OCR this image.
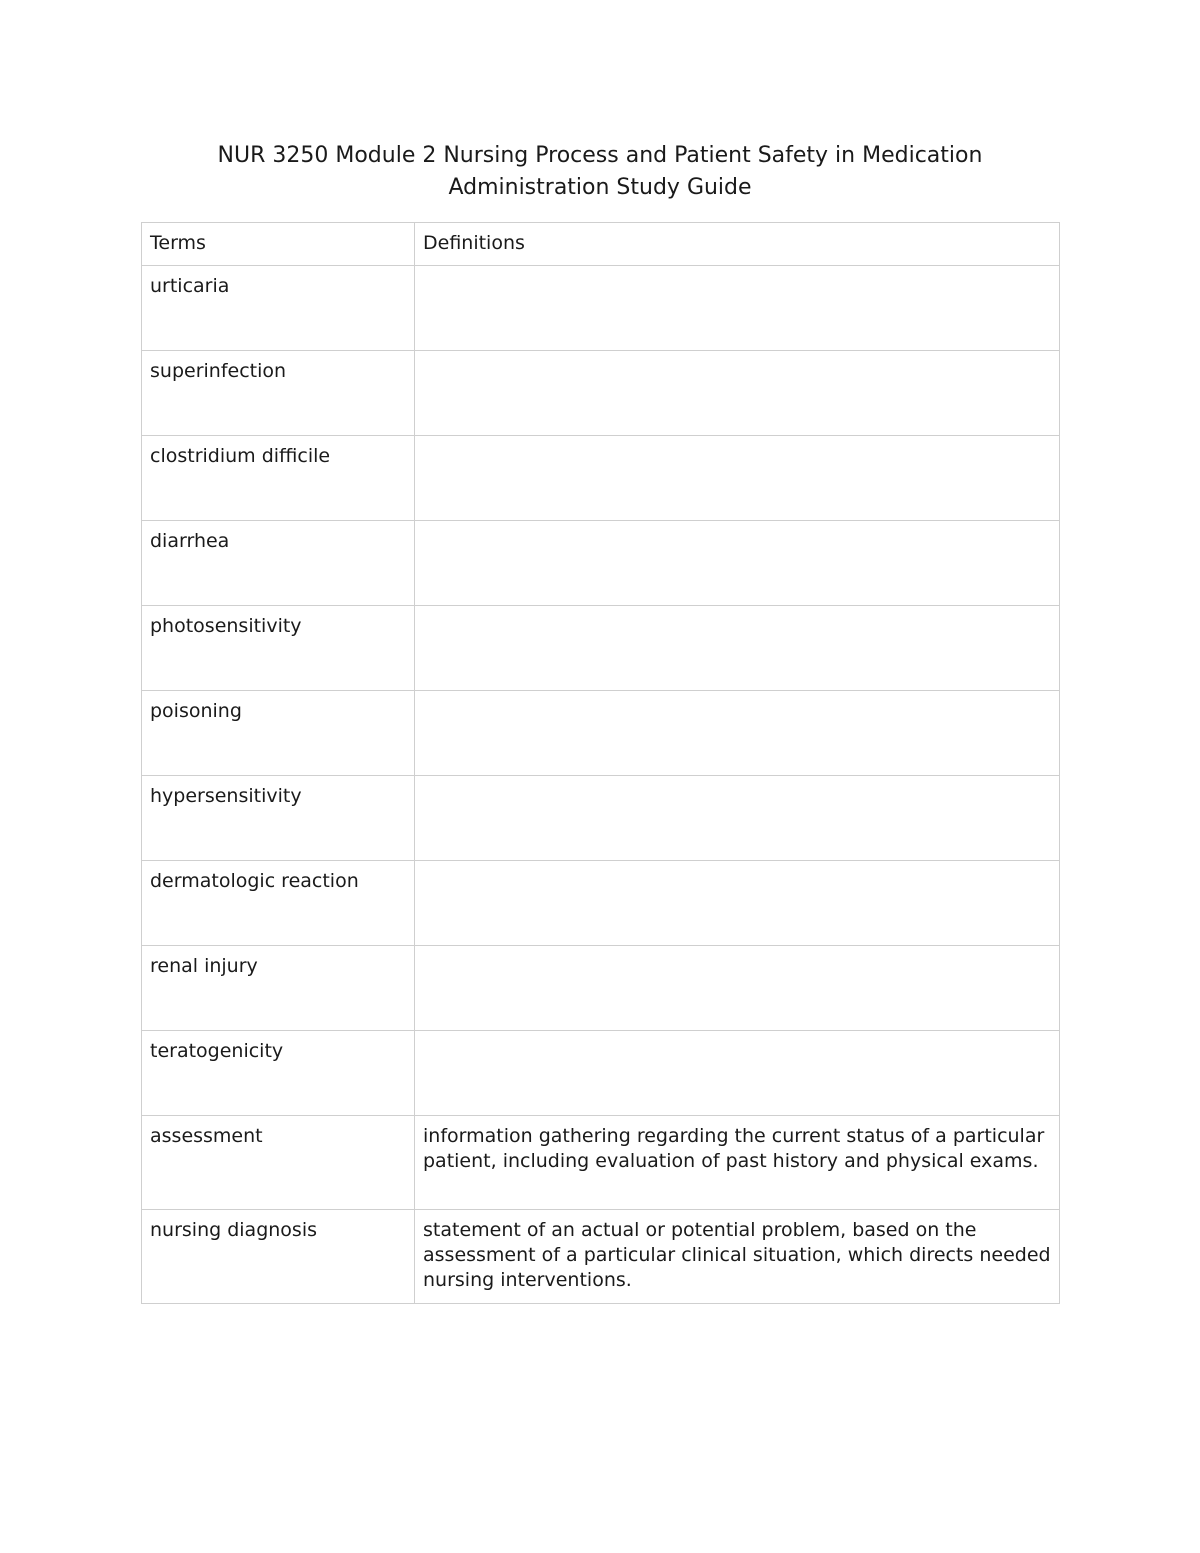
NUR 3250 Module 2 Nursing Process and Patient Safety in Medication Administration Study Guide
Terms	Definitions
urticaria	
superinfection	
clostridium difficile	
diarrhea	
photosensitivity	
poisoning	
hypersensitivity	
dermatologic reaction	
renal injury	
teratogenicity	
assessment	information gathering regarding the current status of a particular patient, including evaluation of past history and physical exams.
nursing diagnosis	statement of an actual or potential problem, based on the assessment of a particular clinical situation, which directs needed nursing interventions.
